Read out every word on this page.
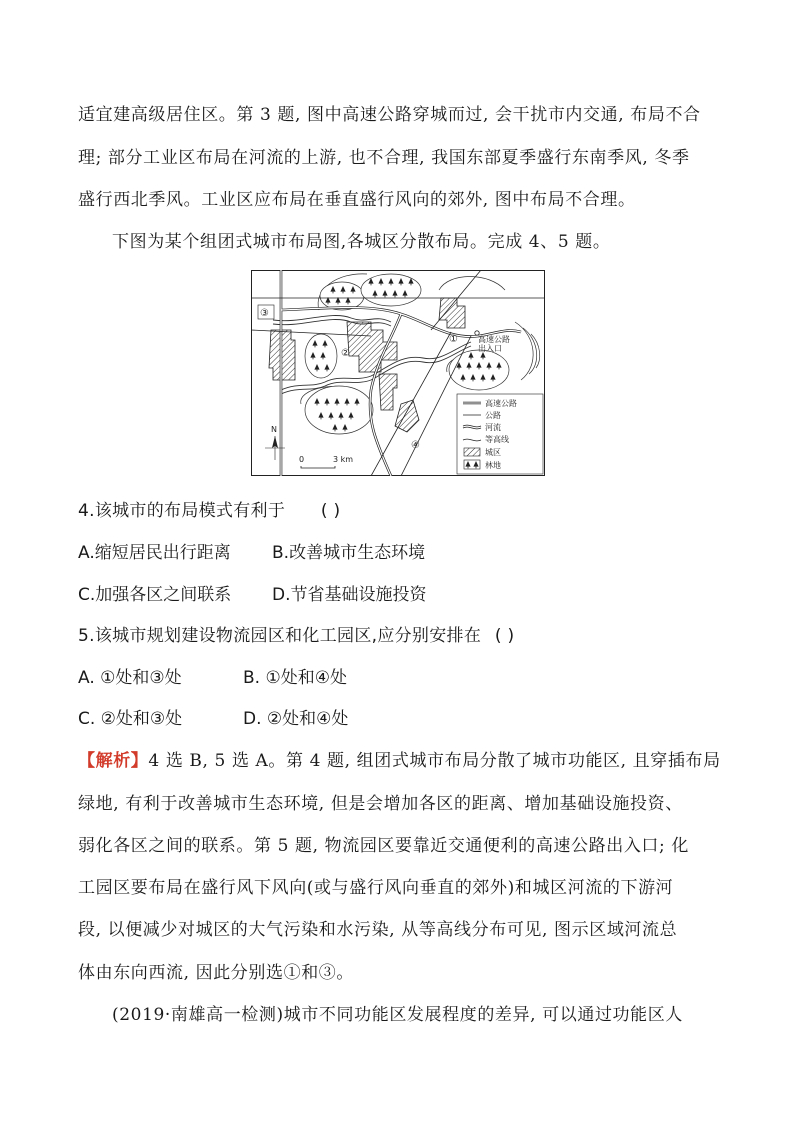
适宜建高级居住区。第 3 题, 图中高速公路穿城而过, 会干扰市内交通, 布局不合
理; 部分工业区布局在河流的上游, 也不合理, 我国东部夏季盛行东南季风, 冬季
盛行西北季风。工业区应布局在垂直盛行风向的郊外, 图中布局不合理。
下图为某个组团式城市布局图,各城区分散布局。完成 4、5 题。
高速公路
出入口
③
①
②
④
N
0	3 km
高速公路
公路
河流
等高线
城区
林地
4.该城市的布局模式有利于 ( )
A.缩短居民出行距离 B.改善城市生态环境
C.加强各区之间联系 D.节省基础设施投资
5.该城市规划建设物流园区和化工园区,应分别安排在 ( )
A. ①处和③处	B. ①处和④处
C. ②处和③处	D. ②处和④处
【解析】4 选 B, 5 选 A。第 4 题, 组团式城市布局分散了城市功能区, 且穿插布局
绿地, 有利于改善城市生态环境, 但是会增加各区的距离、增加基础设施投资、
弱化各区之间的联系。第 5 题, 物流园区要靠近交通便利的高速公路出入口; 化
工园区要布局在盛行风下风向(或与盛行风向垂直的郊外)和城区河流的下游河
段, 以便减少对城区的大气污染和水污染, 从等高线分布可见, 图示区域河流总
体由东向西流, 因此分别选①和③。
(2019·南雄高一检测)城市不同功能区发展程度的差异, 可以通过功能区人
